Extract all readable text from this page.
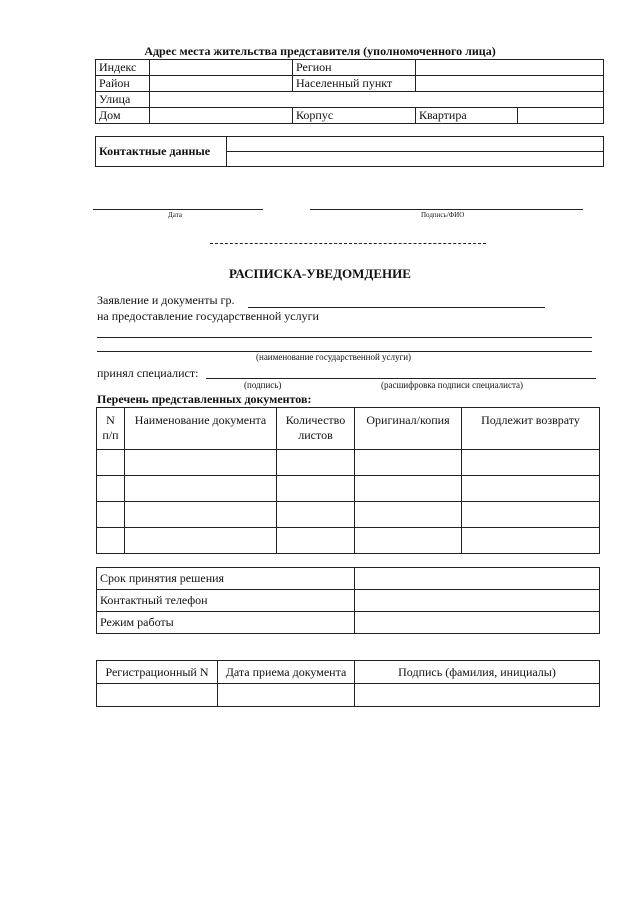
Адрес места жительства представителя (уполномоченного лица)
Индекс		Регион		
Район		Населенный пункт		
Улица				
Дом		Корпус	Квартира	
Контактные данные	

Дата	Подпись/ФИО
РАСПИСКА-УВЕДОМДЕНИЕ
Заявление и документы гр.
на предоставление государственной услуги
(наименование государственной услуги)
принял специалист:
(подпись)	(расшифровка подписи специалиста)
Перечень представленных документов:
N п/п	Наименование документа	Количество листов	Оригинал/копия	Подлежит возврату

Срок принятия решения	
Контактный телефон	
Режим работы	
Регистрационный N	Дата приема документа	Подпись (фамилия, инициалы)
